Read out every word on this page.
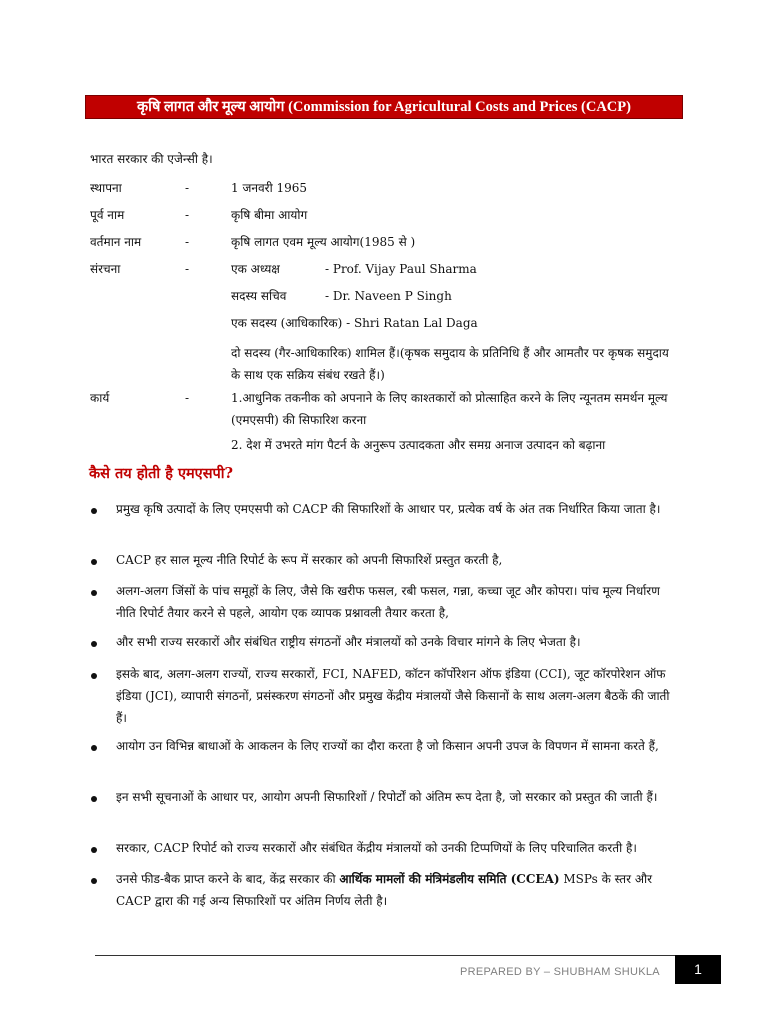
कृषि लागत और मूल्य आयोग (Commission for Agricultural Costs and Prices (CACP)
भारत सरकार की एजेन्सी है।
स्थापना	-	1 जनवरी 1965
पूर्व नाम	-	कृषि बीमा आयोग
वर्तमान नाम	-	कृषि लागत एवम मूल्य आयोग(1985 से )
संरचना	-	एक अध्यक्ष	- Prof. Vijay Paul Sharma
सदस्य सचिव	- Dr. Naveen P Singh
एक सदस्य (आधिकारिक) - Shri Ratan Lal Daga
दो सदस्य (गैर-आधिकारिक) शामिल हैं।(कृषक समुदाय के प्रतिनिधि हैं और आमतौर पर कृषक समुदाय के साथ एक सक्रिय संबंध रखते हैं।)
कार्य	-	1.आधुनिक तकनीक को अपनाने के लिए काश्तकारों को प्रोत्साहित करने के लिए न्यूनतम समर्थन मूल्य (एमएसपी) की सिफारिश करना
2. देश में उभरते मांग पैटर्न के अनुरूप उत्पादकता और समग्र अनाज उत्पादन को बढ़ाना
कैसे तय होती है एमएसपी?
प्रमुख कृषि उत्पादों के लिए एमएसपी को CACP की सिफारिशों के आधार पर, प्रत्येक वर्ष के अंत तक निर्धारित किया जाता है।
CACP हर साल मूल्य नीति रिपोर्ट के रूप में सरकार को अपनी सिफारिशें प्रस्तुत करती है,
अलग-अलग जिंसों के पांच समूहों के लिए, जैसे कि खरीफ फसल, रबी फसल, गन्ना, कच्चा जूट और कोपरा। पांच मूल्य निर्धारण नीति रिपोर्ट तैयार करने से पहले, आयोग एक व्यापक प्रश्नावली तैयार करता है,
और सभी राज्य सरकारों और संबंधित राष्ट्रीय संगठनों और मंत्रालयों को उनके विचार मांगने के लिए भेजता है।
इसके बाद, अलग-अलग राज्यों, राज्य सरकारों, FCI, NAFED, कॉटन कॉर्पोरेशन ऑफ इंडिया (CCI), जूट कॉरपोरेशन ऑफ इंडिया (JCI), व्यापारी संगठनों, प्रसंस्करण संगठनों और प्रमुख केंद्रीय मंत्रालयों जैसे किसानों के साथ अलग-अलग बैठकें की जाती हैं।
आयोग उन विभिन्न बाधाओं के आकलन के लिए राज्यों का दौरा करता है जो किसान अपनी उपज के विपणन में सामना करते हैं,
इन सभी सूचनाओं के आधार पर, आयोग अपनी सिफारिशों / रिपोर्टों को अंतिम रूप देता है, जो सरकार को प्रस्तुत की जाती हैं।
सरकार, CACP रिपोर्ट को राज्य सरकारों और संबंधित केंद्रीय मंत्रालयों को उनकी टिप्पणियों के लिए परिचालित करती है।
उनसे फीड-बैक प्राप्त करने के बाद, केंद्र सरकार की आर्थिक मामलों की मंत्रिमंडलीय समिति (CCEA) MSPs के स्तर और CACP द्वारा की गई अन्य सिफारिशों पर अंतिम निर्णय लेती है।
PREPARED BY – SHUBHAM SHUKLA	1
